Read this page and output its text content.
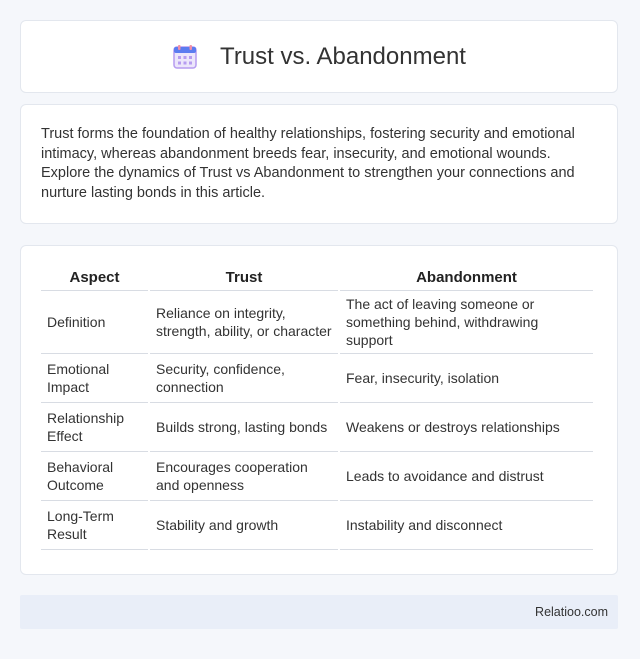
Trust vs. Abandonment

Trust forms the foundation of healthy relationships, fostering security and emotional intimacy, whereas abandonment breeds fear, insecurity, and emotional wounds. Explore the dynamics of Trust vs Abandonment to strengthen your connections and nurture lasting bonds in this article.

Aspect	Trust	Abandonment
Definition	Reliance on integrity, strength, ability, or character	The act of leaving someone or something behind, withdrawing support
Emotional Impact	Security, confidence, connection	Fear, insecurity, isolation
Relationship Effect	Builds strong, lasting bonds	Weakens or destroys relationships
Behavioral Outcome	Encourages cooperation and openness	Leads to avoidance and distrust
Long-Term Result	Stability and growth	Instability and disconnect
Relatioo.com
